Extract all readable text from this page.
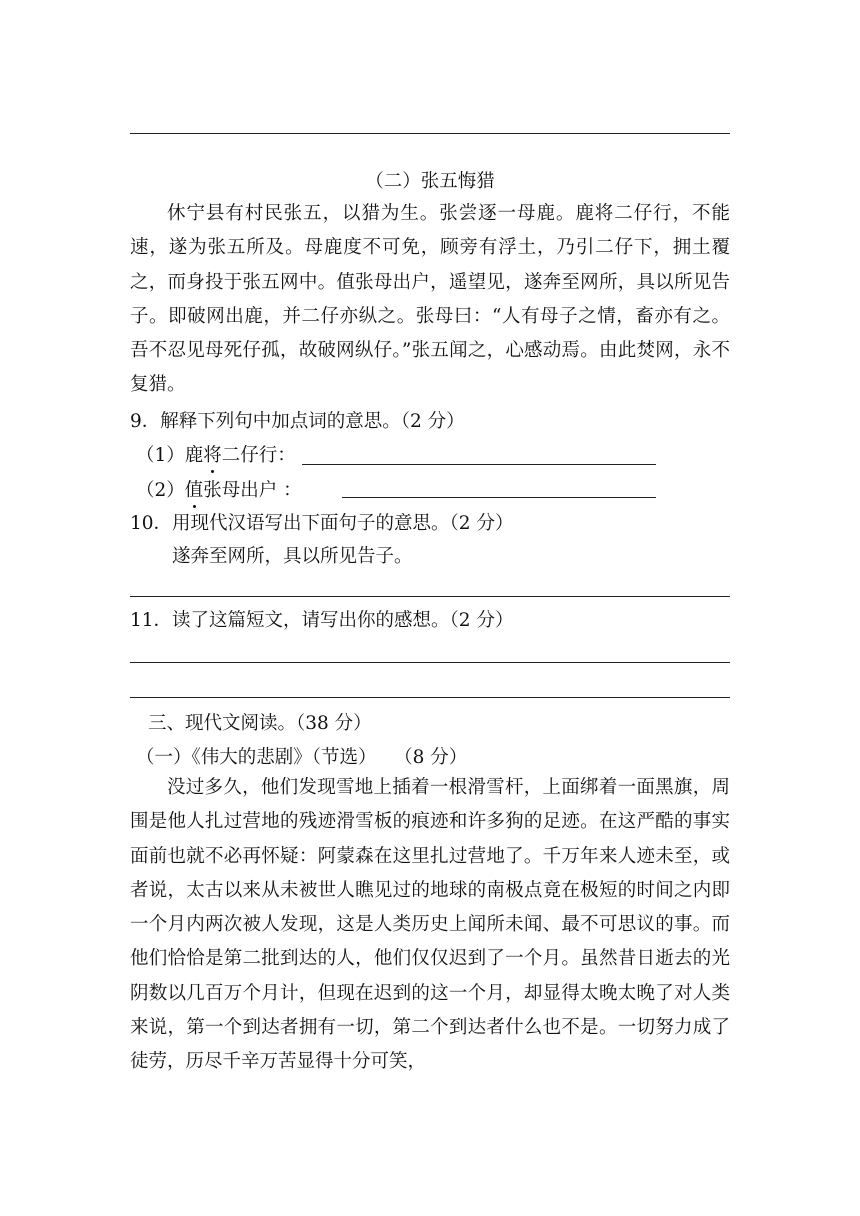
（二）张五悔猎

休宁县有村民张五，以猎为生。张尝逐一母鹿。鹿将二仔行，不能速，遂为张五所及。母鹿度不可免，顾旁有浮土，乃引二仔下，拥土覆之，而身投于张五网中。值张母出户，遥望见，遂奔至网所，具以所见告子。即破网出鹿，并二仔亦纵之。张母曰：“人有母子之情，畜亦有之。吾不忍见母死仔孤，故破网纵仔。”张五闻之，心感动焉。由此焚网，永不复猎。

9．解释下列句中加点词的意思。（2 分）
（1）鹿将二仔行：
（2）值张母出户 ：
10．用现代汉语写出下面句子的意思。（2 分）
遂奔至网所，具以所见告子。
11．读了这篇短文，请写出你的感想。（2 分）
三、现代文阅读。（38 分）
（一）《伟大的悲剧》（节选）   （8 分）

没过多久，他们发现雪地上插着一根滑雪杆，上面绑着一面黑旗，周围是他人扎过营地的残迹滑雪板的痕迹和许多狗的足迹。在这严酷的事实面前也就不必再怀疑：阿蒙森在这里扎过营地了。千万年来人迹未至，或者说，太古以来从未被世人瞧见过的地球的南极点竟在极短的时间之内即一个月内两次被人发现，这是人类历史上闻所未闻、最不可思议的事。而他们恰恰是第二批到达的人，他们仅仅迟到了一个月。虽然昔日逝去的光阴数以几百万个月计，但现在迟到的这一个月，却显得太晚太晚了对人类来说，第一个到达者拥有一切，第二个到达者什么也不是。一切努力成了徒劳，历尽千辛万苦显得十分可笑，
